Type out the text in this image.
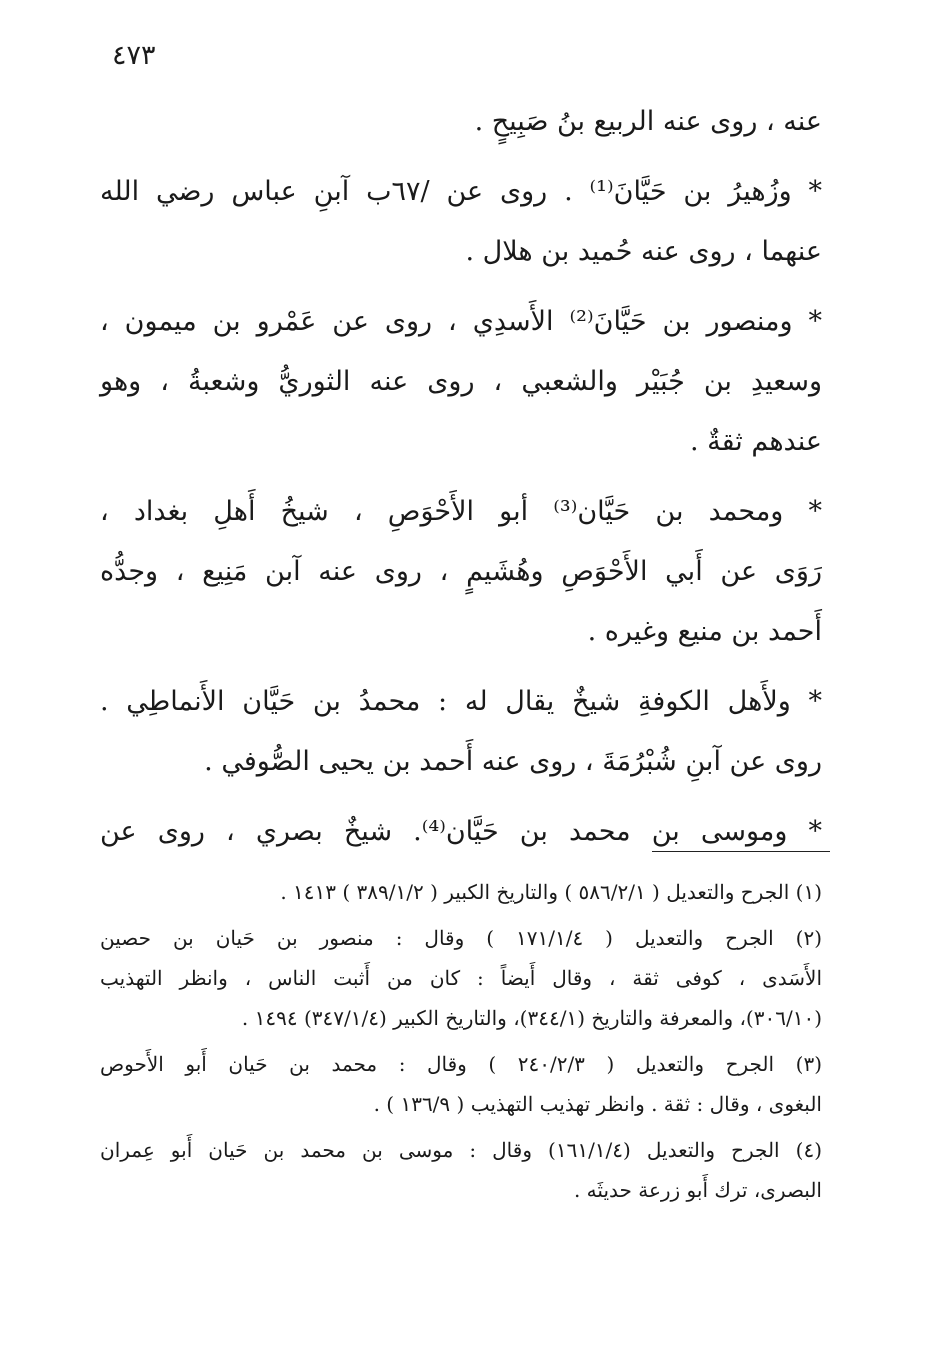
٤٧٣
عنه ، روى عنه الربيع بنُ صَبِيحٍ .
* وزُهيرُ بن حَيَّانَ⁽¹⁾ . روى عن /٦٧ب آبنِ عباس رضي الله
عنهما ، روى عنه حُميد بن هلال .
* ومنصور بن حَيَّانَ⁽²⁾ الأَسدِي ، روى عن عَمْرو بن ميمون ،
وسعيدِ بن جُبَيْر والشعبي ، روى عنه الثوريُّ وشعبةُ ، وهو
عندهم ثقةٌ .
* ومحمد بن حَيَّان⁽³⁾ أبو الأَحْوَصِ ، شيخُ أَهلِ بغداد ،
رَوَى عن أَبي الأَحْوَصِ وهُشَيمٍ ، روى عنه آبن مَنِيع ، وجدُّه
أَحمد بن منيع وغيره .
* ولأَهل الكوفةِ شيخٌ يقال له : محمدُ بن حَيَّان الأَنماطِي .
روى عن آبنِ شُبْرُمَةَ ، روى عنه أَحمد بن يحيى الصُّوفي .
* وموسى بن محمد بن حَيَّان⁽⁴⁾. شيخٌ بصري ، روى عن
(١) الجرح والتعديل ( ٥٨٦/٢/١ ) والتاريخ الكبير ( ٣٨٩/١/٢ ) ١٤١٣ .
(٢) الجرح والتعديل ( ١٧١/١/٤ ) وقال : منصور بن حَيان بن حصين
الأَسَدى ، كوفى ثقة ، وقال أَيضاً : كان من أَثبت الناس ، وانظر التهذيب
(٣٠٦/١٠)، والمعرفة والتاريخ (٣٤٤/١)، والتاريخ الكبير (٣٤٧/١/٤) ١٤٩٤ .
(٣) الجرح والتعديل ( ٢٤٠/٢/٣ ) وقال : محمد بن حَيان أَبو الأَحوص
البغوى ، وقال : ثقة . وانظر تهذيب التهذيب ( ١٣٦/٩ ) .
(٤) الجرح والتعديل (١٦١/١/٤) وقال : موسى بن محمد بن حَيان أَبو عِمران
البصرى، ترك أَبو زرعة حديثَه .
